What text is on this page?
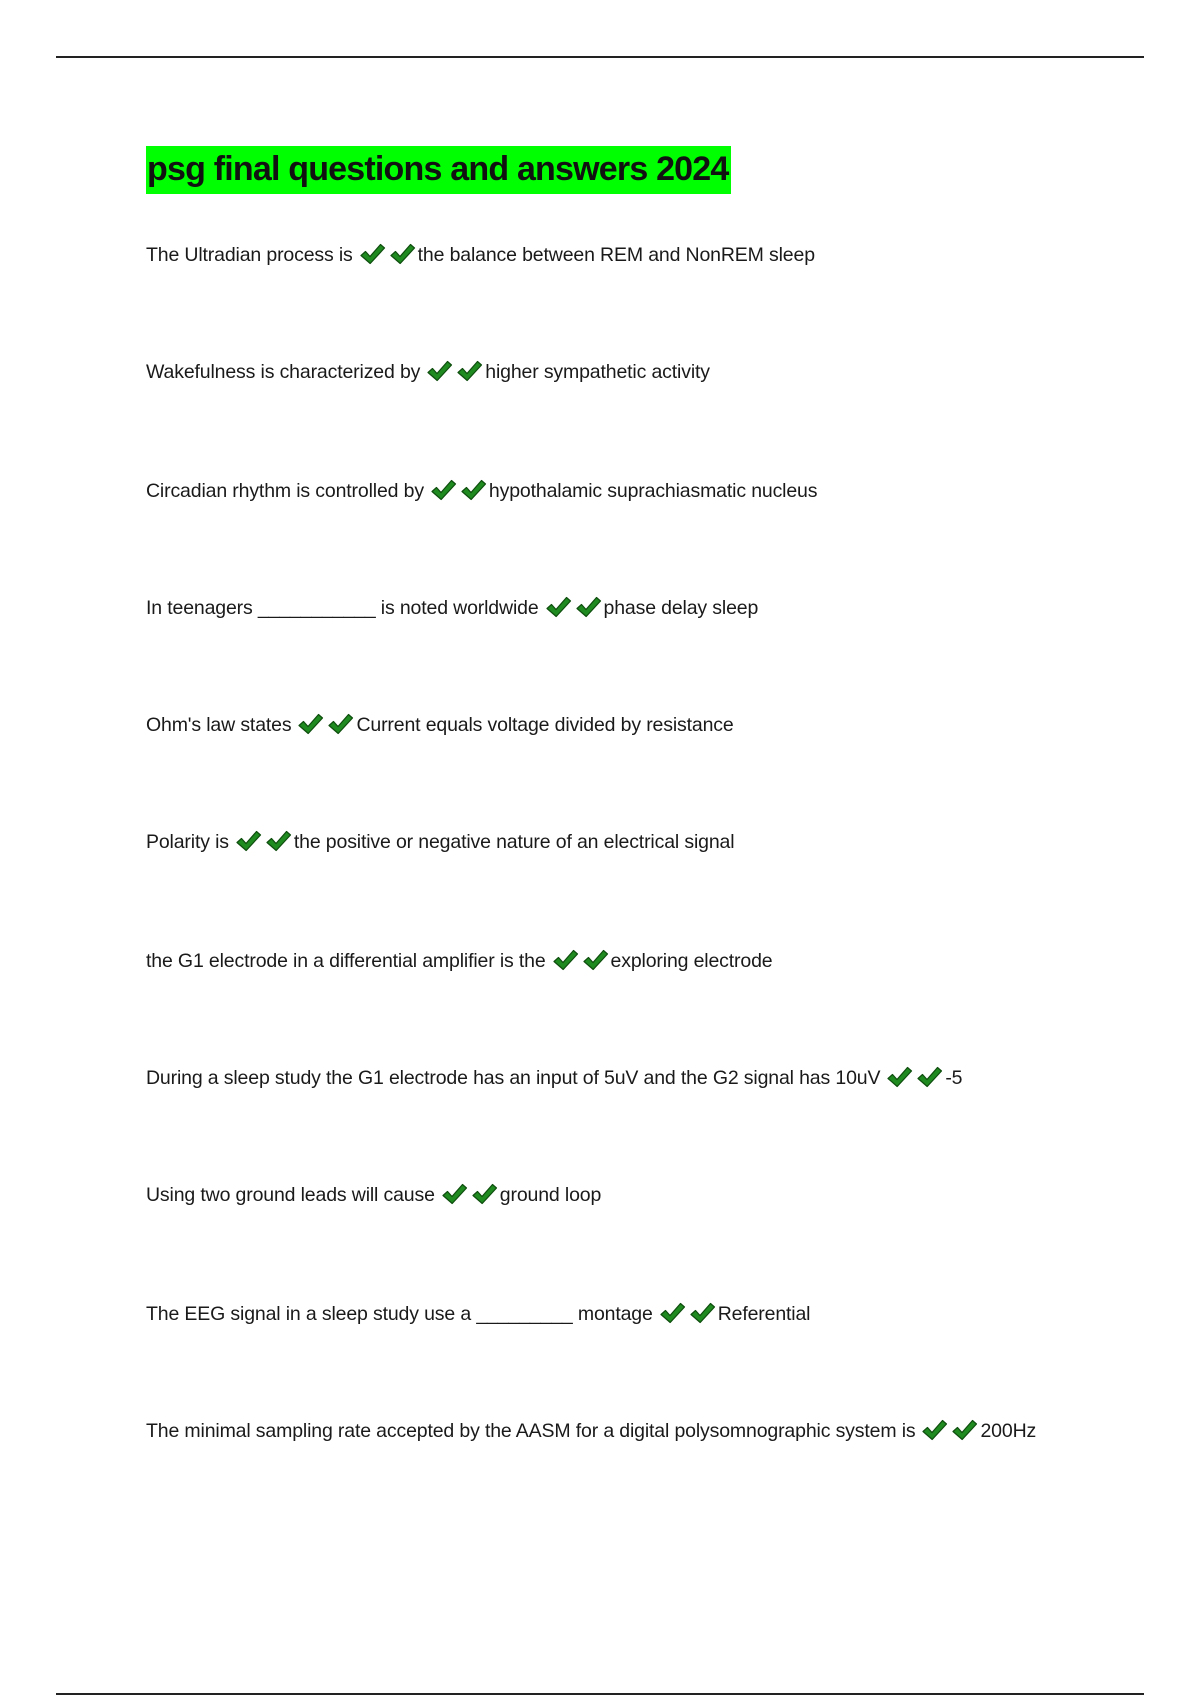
psg final questions and answers 2024
The Ultradian process is	the balance between REM and NonREM sleep
Wakefulness is characterized by	higher sympathetic activity
Circadian rhythm is controlled by	hypothalamic suprachiasmatic nucleus
In teenagers ___________ is noted worldwide	phase delay sleep
Ohm's law states	Current equals voltage divided by resistance
Polarity is	the positive or negative nature of an electrical signal
the G1 electrode in a differential amplifier is the	exploring electrode
During a sleep study the G1 electrode has an input of 5uV and the G2 signal has 10uV	-5
Using two ground leads will cause	ground loop
The EEG signal in a sleep study use a _________ montage	Referential
The minimal sampling rate accepted by the AASM for a digital polysomnographic system is	200Hz
